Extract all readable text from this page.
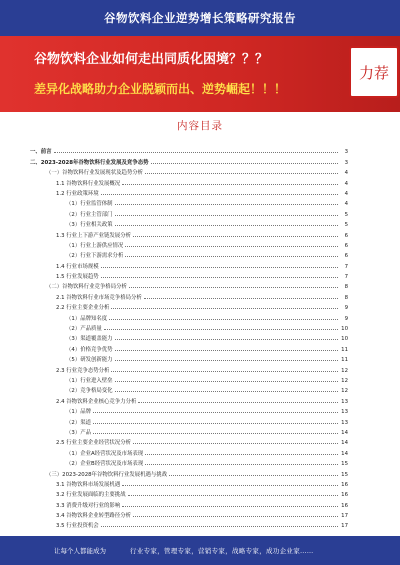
谷物饮料企业逆势增长策略研究报告
谷物饮料企业如何走出同质化困境？？？
差异化战略助力企业脱颖而出、逆势崛起！！！
力荐
内容目录
一、前言	3
二、2023-2028年谷物饮料行业发展及竞争态势	3
（一）谷物饮料行业发展现状及趋势分析	4
1.1 谷物饮料行业发展概况	4
1.2 行业政策环境	4
（1）行业监管体制	4
（2）行业主管部门	5
（3）行业相关政策	5
1.3 行业上下游产业链发展分析	6
（1）行业上游供应情况	6
（2）行业下游需求分析	6
1.4 行业市场规模	7
1.5 行业发展趋势	7
（二）谷物饮料行业竞争格局分析	8
2.1 谷物饮料行业市场竞争格局分析	8
2.2 行业主要企业分析	9
（1）品牌知名度	9
（2）产品质量	10
（3）渠道覆盖能力	10
（4）价格竞争优势	11
（5）研发创新能力	11
2.3 行业竞争态势分析	12
（1）行业进入壁垒	12
（2）竞争格局变化	12
2.4 谷物饮料企业核心竞争力分析	13
（1）品牌	13
（2）渠道	13
（3）产品	14
2.5 行业主要企业经营状况分析	14
（1）企业A经营状况及市场表现	14
（2）企业B经营状况及市场表现	15
（三）2023-2028年谷物饮料行业发展机遇与挑战	15
3.1 谷物饮料市场发展机遇	16
3.2 行业发展面临的主要挑战	16
3.3 消费升级对行业的影响	16
3.4 谷物饮料企业转型路径分析	17
3.5 行业投资机会	17
让每个人都能成为	行业专家，管理专家，营销专家，战略专家，成功企业家……
